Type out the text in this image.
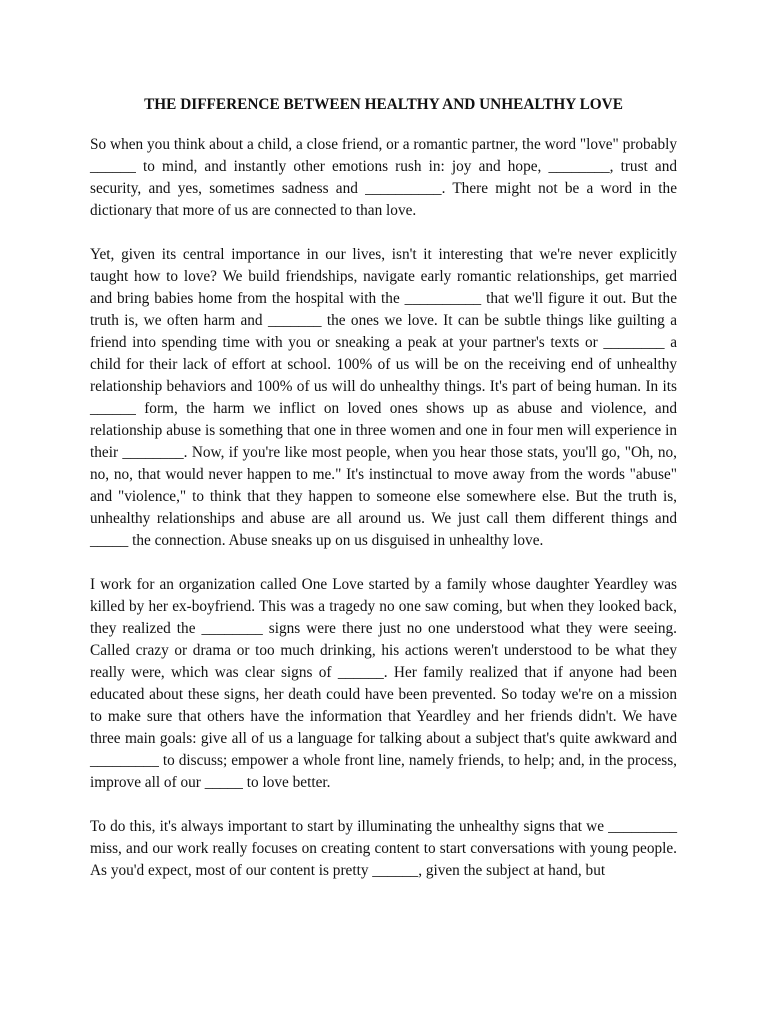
THE DIFFERENCE BETWEEN HEALTHY AND UNHEALTHY LOVE

So when you think about a child, a close friend, or a romantic partner, the word "love" probably ______ to mind, and instantly other emotions rush in: joy and hope, ________, trust and security, and yes, sometimes sadness and __________. There might not be a word in the dictionary that more of us are connected to than love.

Yet, given its central importance in our lives, isn't it interesting that we're never explicitly taught how to love? We build friendships, navigate early romantic relationships, get married and bring babies home from the hospital with the __________ that we'll figure it out. But the truth is, we often harm and _______ the ones we love. It can be subtle things like guilting a friend into spending time with you or sneaking a peak at your partner's texts or ________ a child for their lack of effort at school. 100% of us will be on the receiving end of unhealthy relationship behaviors and 100% of us will do unhealthy things. It's part of being human. In its ______ form, the harm we inflict on loved ones shows up as abuse and violence, and relationship abuse is something that one in three women and one in four men will experience in their ________. Now, if you're like most people, when you hear those stats, you'll go, "Oh, no, no, no, that would never happen to me." It's instinctual to move away from the words "abuse" and "violence," to think that they happen to someone else somewhere else. But the truth is, unhealthy relationships and abuse are all around us. We just call them different things and _____ the connection. Abuse sneaks up on us disguised in unhealthy love.

I work for an organization called One Love started by a family whose daughter Yeardley was killed by her ex-boyfriend. This was a tragedy no one saw coming, but when they looked back, they realized the ________ signs were there just no one understood what they were seeing. Called crazy or drama or too much drinking, his actions weren't understood to be what they really were, which was clear signs of ______. Her family realized that if anyone had been educated about these signs, her death could have been prevented. So today we're on a mission to make sure that others have the information that Yeardley and her friends didn't. We have three main goals: give all of us a language for talking about a subject that's quite awkward and _________ to discuss; empower a whole front line, namely friends, to help; and, in the process, improve all of our _____ to love better.

To do this, it's always important to start by illuminating the unhealthy signs that we _________ miss, and our work really focuses on creating content to start conversations with young people. As you'd expect, most of our content is pretty ______, given the subject at hand, but
